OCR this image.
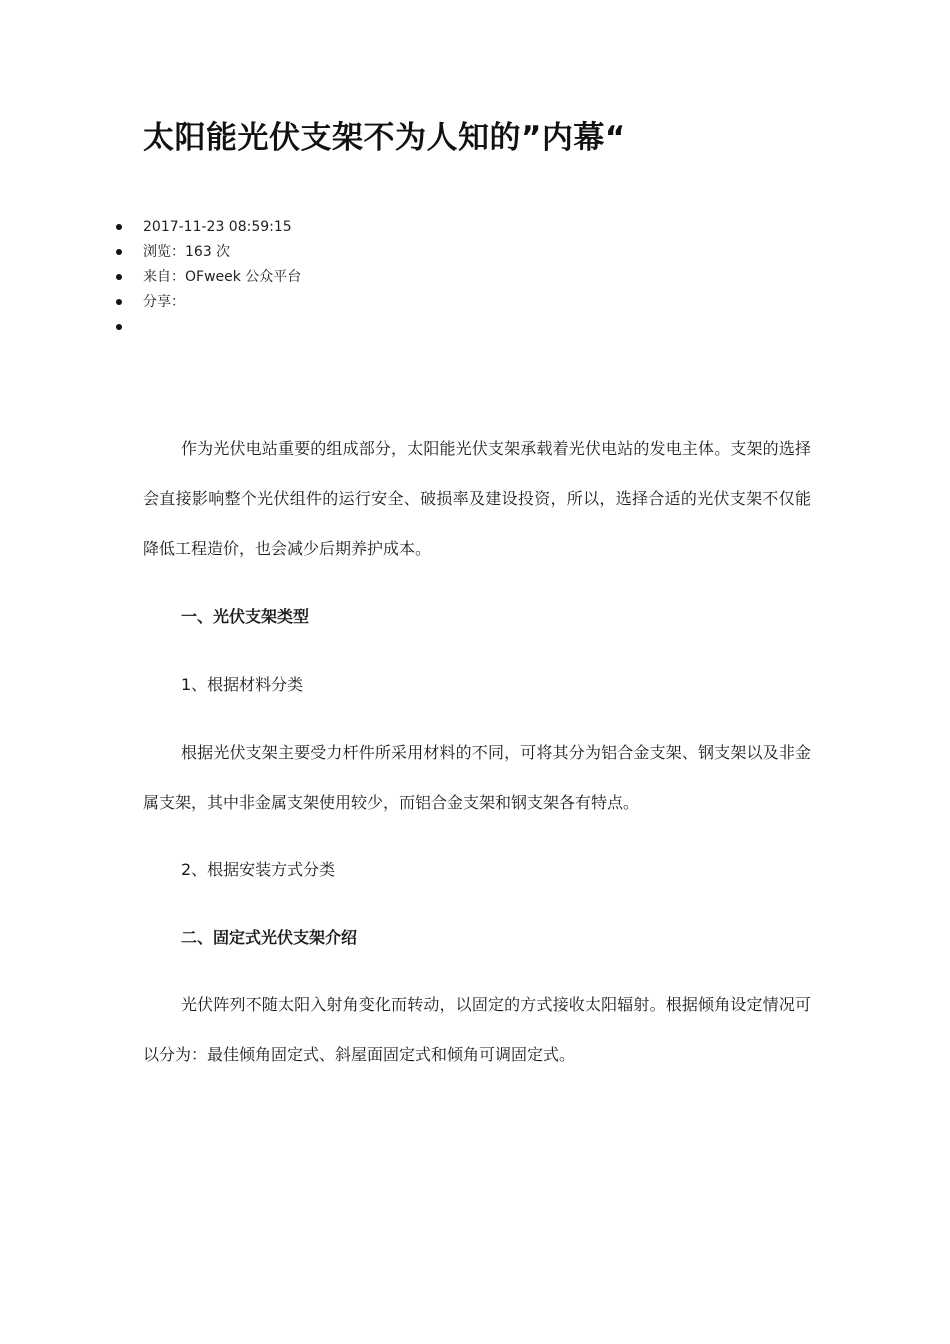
太阳能光伏支架不为人知的”内幕“
2017-11-23 08:59:15
浏览：163 次
来自：OFweek 公众平台
分享：

作为光伏电站重要的组成部分，太阳能光伏支架承载着光伏电站的发电主体。支架的选择会直接影响整个光伏组件的运行安全、破损率及建设投资，所以，选择合适的光伏支架不仅能降低工程造价，也会减少后期养护成本。

一、光伏支架类型
1、根据材料分类

根据光伏支架主要受力杆件所采用材料的不同，可将其分为铝合金支架、钢支架以及非金属支架，其中非金属支架使用较少，而铝合金支架和钢支架各有特点。

2、根据安装方式分类
二、固定式光伏支架介绍

光伏阵列不随太阳入射角变化而转动，以固定的方式接收太阳辐射。根据倾角设定情况可以分为：最佳倾角固定式、斜屋面固定式和倾角可调固定式。
